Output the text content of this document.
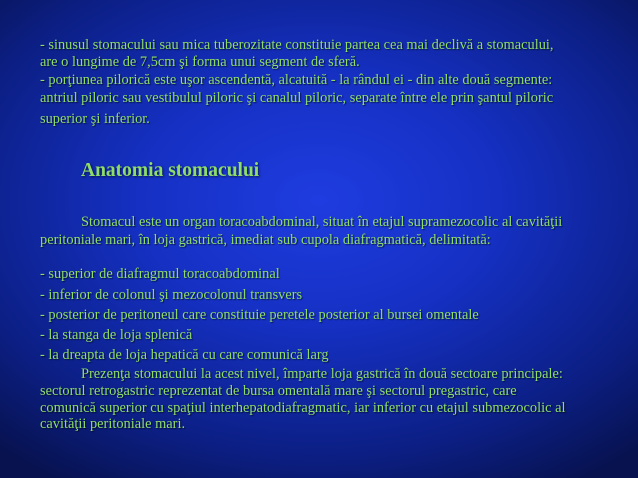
- sinusul stomacului sau mica tuberozitate constituie partea cea mai declivă a stomacului,
are o lungime de 7,5cm şi forma unui segment de sferă.
- porţiunea pilorică este uşor ascendentă, alcatuită - la rândul ei - din alte două segmente:
antriul piloric sau vestibulul piloric şi canalul piloric, separate între ele prin şantul piloric
superior şi inferior.
Anatomia stomacului
Stomacul este un organ toracoabdominal, situat în etajul supramezocolic al cavităţii
peritoniale mari, în loja gastrică, imediat sub cupola diafragmatică, delimitată:
- superior de diafragmul toracoabdominal
- inferior de colonul şi mezocolonul transvers
- posterior de peritoneul care constituie peretele posterior al bursei omentale
- la stanga de loja splenică
- la dreapta de loja hepatică cu care comunică larg
Prezenţa stomacului la acest nivel, împarte loja gastrică în două sectoare principale:
sectorul retrogastric reprezentat de bursa omentală mare şi sectorul pregastric, care
comunică superior cu spaţiul interhepatodiafragmatic, iar inferior cu etajul submezocolic al
cavităţii peritoniale mari.
